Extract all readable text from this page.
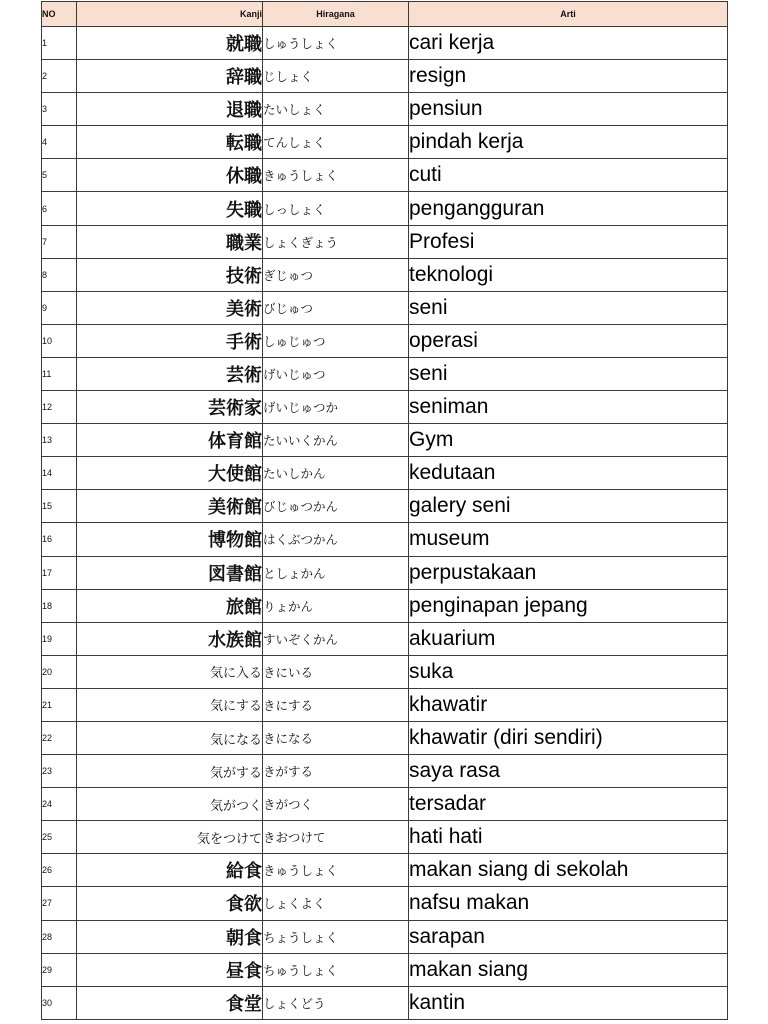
NO	Kanji	Hiragana	Arti
1	就職	しゅうしょく	cari kerja
2	辞職	じしょく	resign
3	退職	たいしょく	pensiun
4	転職	てんしょく	pindah kerja
5	休職	きゅうしょく	cuti
6	失職	しっしょく	pengangguran
7	職業	しょくぎょう	Profesi
8	技術	ぎじゅつ	teknologi
9	美術	びじゅつ	seni
10	手術	しゅじゅつ	operasi
11	芸術	げいじゅつ	seni
12	芸術家	げいじゅつか	seniman
13	体育館	たいいくかん	Gym
14	大使館	たいしかん	kedutaan
15	美術館	びじゅつかん	galery seni
16	博物館	はくぶつかん	museum
17	図書館	としょかん	perpustakaan
18	旅館	りょかん	penginapan jepang
19	水族館	すいぞくかん	akuarium
20	気に入る	きにいる	suka
21	気にする	きにする	khawatir
22	気になる	きになる	khawatir (diri sendiri)
23	気がする	きがする	saya rasa
24	気がつく	きがつく	tersadar
25	気をつけて	きおつけて	hati hati
26	給食	きゅうしょく	makan siang di sekolah
27	食欲	しょくよく	nafsu makan
28	朝食	ちょうしょく	sarapan
29	昼食	ちゅうしょく	makan siang
30	食堂	しょくどう	kantin
